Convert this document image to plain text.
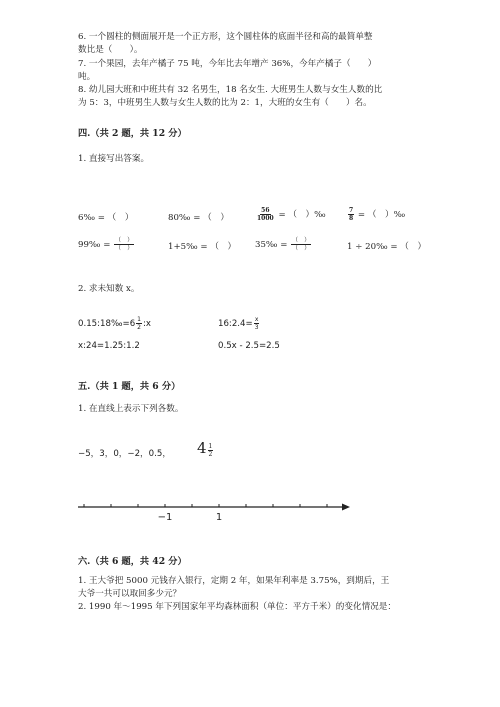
6. 一个圆柱的侧面展开是一个正方形，这个圆柱体的底面半径和高的最简单整
数比是（　　）。
7. 一个果园，去年产橘子 75 吨，今年比去年增产 36%，今年产橘子（　　）
吨。
8. 幼儿园大班和中班共有 32 名男生，18 名女生. 大班男生人数与女生人数的比
为 5：3，中班男生人数与女生人数的比为 2：1，大班的女生有（　　）名。
四.（共 2 题，共 12 分）
1. 直接写出答案。
6‰ = （　）	80‰ = （　）	$\frac{56}{1000}$ = （　）‰	$\frac{7}{8}$ = （　）‰
99‰ = $\frac{( )}{( )}$	1+5‰ = （　） 35‰ = $\frac{( )}{( )}$	1 ÷ 20‰ = （　）
2. 求未知数 x。
0.15:18‰=6 $\frac{1}{2}$ :x	16:2.4= $\frac{x}{3}$
x:24=1.25:1.2	0.5x - 2.5=2.5
五.（共 1 题，共 6 分）
1. 在直线上表示下列各数。
−5，3，0，−2，0.5， $4 \frac{1}{2}$
−1	1
六.（共 6 题，共 42 分）
1. 王大爷把 5000 元钱存入银行，定期 2 年，如果年利率是 3.75%，到期后，王
大爷一共可以取回多少元？
2. 1990 年～1995 年下列国家年平均森林面积（单位：平方千米）的变化情况是：
